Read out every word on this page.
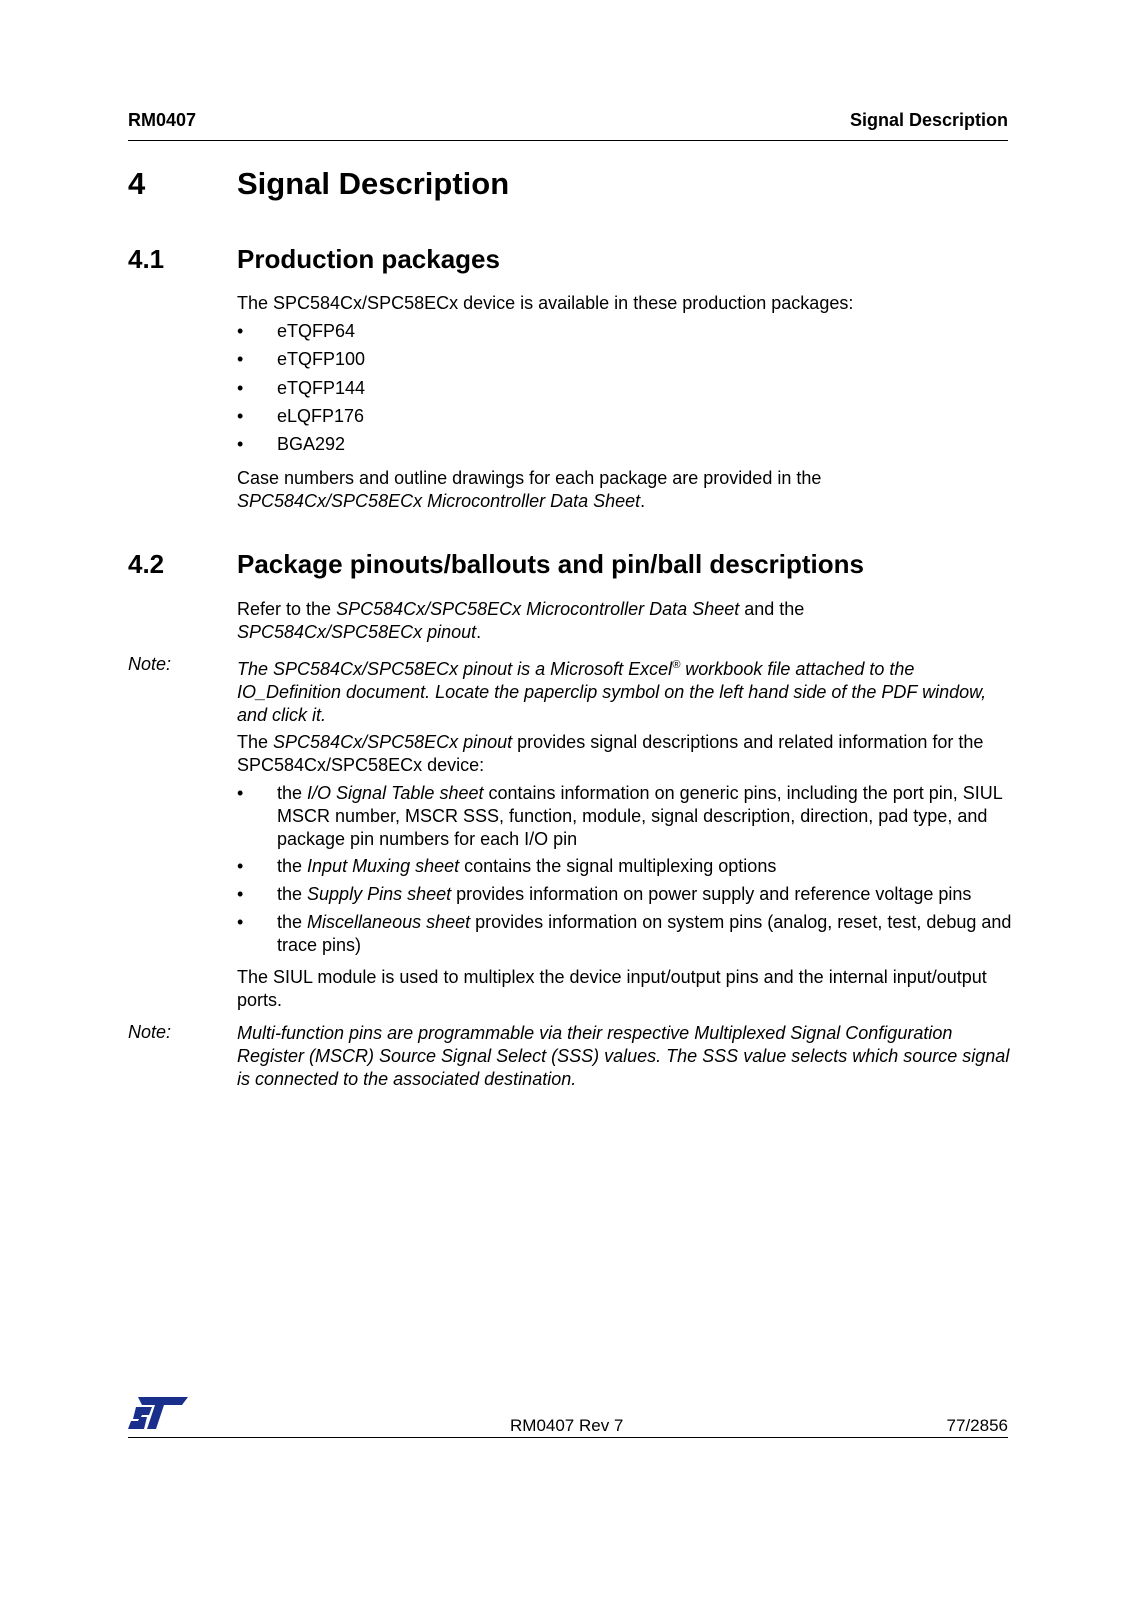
RM0407	Signal Description
4	Signal Description
4.1	Production packages
The SPC584Cx/SPC58ECx device is available in these production packages:
• eTQFP64
• eTQFP100
• eTQFP144
• eLQFP176
• BGA292
Case numbers and outline drawings for each package are provided in the
SPC584Cx/SPC58ECx Microcontroller Data Sheet.
4.2	Package pinouts/ballouts and pin/ball descriptions
Refer to the SPC584Cx/SPC58ECx Microcontroller Data Sheet and the
SPC584Cx/SPC58ECx pinout.
Note:	The SPC584Cx/SPC58ECx pinout is a Microsoft Excel® workbook file attached to the IO_Definition document. Locate the paperclip symbol on the left hand side of the PDF window, and click it.
The SPC584Cx/SPC58ECx pinout provides signal descriptions and related information for the SPC584Cx/SPC58ECx device:
• the I/O Signal Table sheet contains information on generic pins, including the port pin, SIUL MSCR number, MSCR SSS, function, module, signal description, direction, pad type, and package pin numbers for each I/O pin
• the Input Muxing sheet contains the signal multiplexing options
• the Supply Pins sheet provides information on power supply and reference voltage pins
• the Miscellaneous sheet provides information on system pins (analog, reset, test, debug and trace pins)
The SIUL module is used to multiplex the device input/output pins and the internal input/output ports.
Note:	Multi-function pins are programmable via their respective Multiplexed Signal Configuration Register (MSCR) Source Signal Select (SSS) values. The SSS value selects which source signal is connected to the associated destination.
ST	RM0407 Rev 7	77/2856
